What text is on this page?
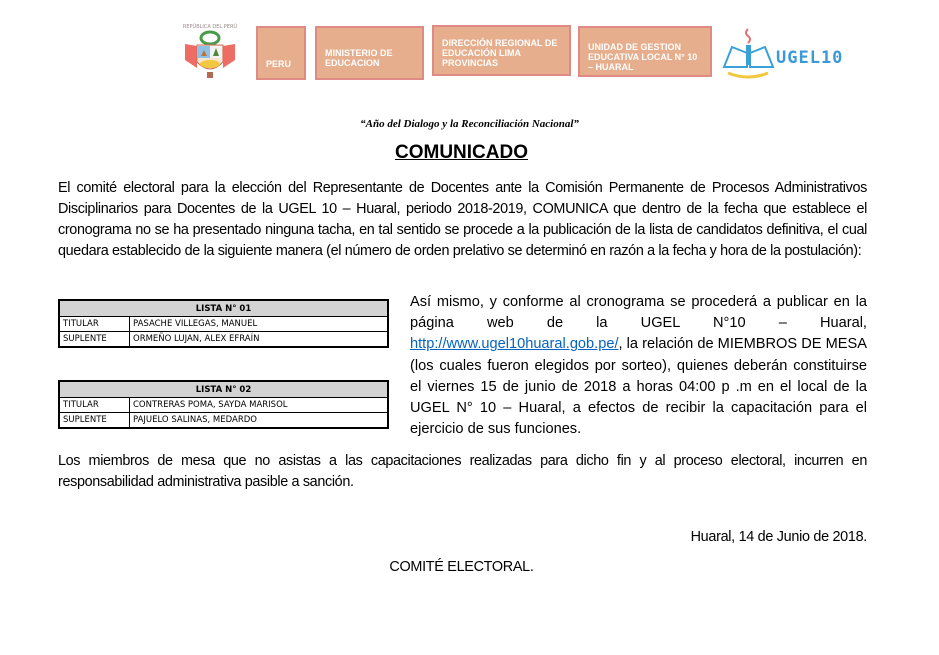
REPÚBLICA DEL PERÚ
PERU
MINISTERIO DE EDUCACION
DIRECCIÓN REGIONAL DE EDUCACIÓN LIMA PROVINCIAS
UNIDAD DE GESTION EDUCATIVA LOCAL N° 10 – HUARAL	UGEL10
“Año del Dialogo y la Reconciliación Nacional”
COMUNICADO
El comité electoral para la elección del Representante de Docentes ante la Comisión Permanente de Procesos Administrativos Disciplinarios para Docentes de la UGEL 10 – Huaral, periodo 2018-2019, COMUNICA que dentro de la fecha que establece el cronograma no se ha presentado ninguna tacha, en tal sentido se procede a la publicación de la lista de candidatos definitiva, el cual quedara establecido de la siguiente manera (el número de orden prelativo se determinó en razón a la fecha y hora de la postulación):
LISTA N° 01	
TITULAR	PASACHE VILLEGAS, MANUEL
SUPLENTE	ORMEÑO LUJAN, ALEX EFRAÍN
LISTA N° 02	
TITULAR	CONTRERAS POMA, SAYDA MARISOL
SUPLENTE	PAJUELO SALINAS, MEDARDO
Así mismo, y conforme al cronograma se procederá a publicar en la página web de la UGEL N°10 – Huaral, http://www.ugel10huaral.gob.pe/, la relación de MIEMBROS DE MESA (los cuales fueron elegidos por sorteo), quienes deberán constituirse el viernes 15 de junio de 2018 a horas 04:00 p .m en el local de la UGEL N° 10 – Huaral, a efectos de recibir la capacitación para el ejercicio de sus funciones.
Los miembros de mesa que no asistas a las capacitaciones realizadas para dicho fin y al proceso electoral, incurren en responsabilidad administrativa pasible a sanción.
Huaral, 14 de Junio de 2018.
COMITÉ ELECTORAL.
